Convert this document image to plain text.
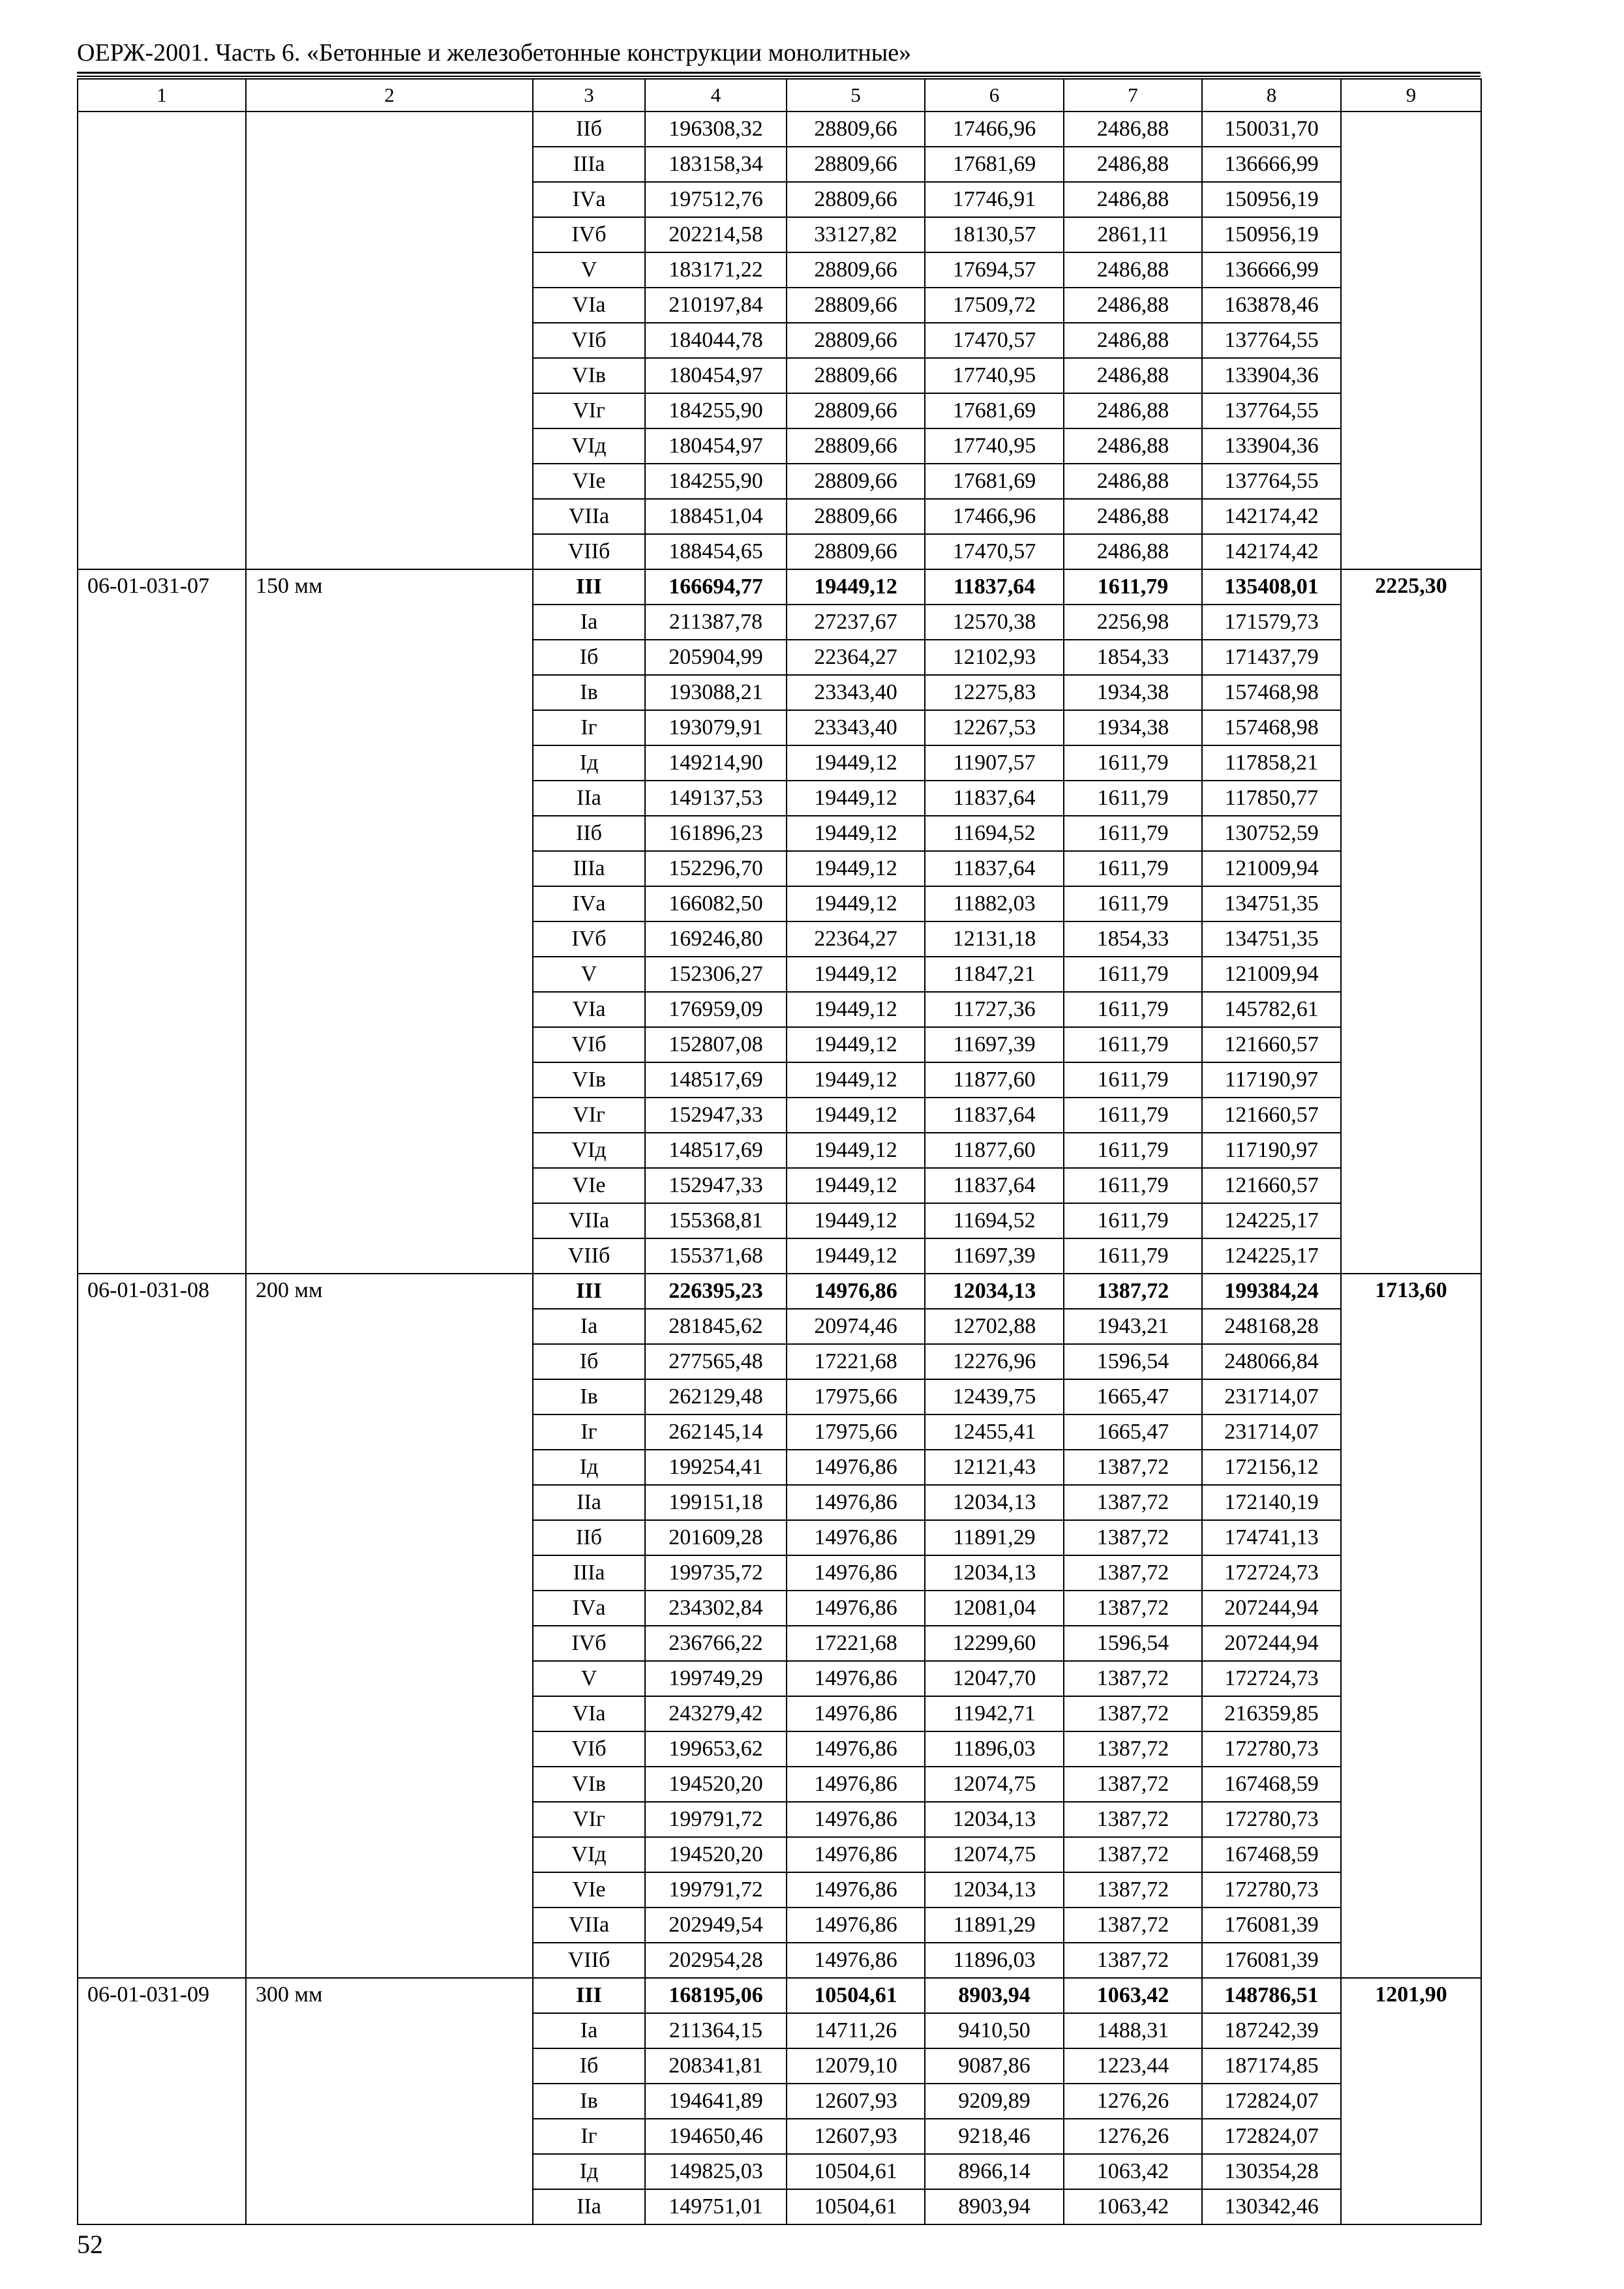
ОЕРЖ-2001. Часть 6. «Бетонные и железобетонные конструкции монолитные»
1	2	3	4	5	6	7	8	9
		IIб	196308,32	28809,66	17466,96	2486,88	150031,70	
		IIIа	183158,34	28809,66	17681,69	2486,88	136666,99	
		IVа	197512,76	28809,66	17746,91	2486,88	150956,19	
		IVб	202214,58	33127,82	18130,57	2861,11	150956,19	
		V	183171,22	28809,66	17694,57	2486,88	136666,99	
		VIа	210197,84	28809,66	17509,72	2486,88	163878,46	
		VIб	184044,78	28809,66	17470,57	2486,88	137764,55	
		VIв	180454,97	28809,66	17740,95	2486,88	133904,36	
		VIг	184255,90	28809,66	17681,69	2486,88	137764,55	
		VIд	180454,97	28809,66	17740,95	2486,88	133904,36	
		VIе	184255,90	28809,66	17681,69	2486,88	137764,55	
		VIIа	188451,04	28809,66	17466,96	2486,88	142174,42	
		VIIб	188454,65	28809,66	17470,57	2486,88	142174,42	
06-01-031-07	150 мм	III	166694,77	19449,12	11837,64	1611,79	135408,01	2225,30
		Iа	211387,78	27237,67	12570,38	2256,98	171579,73	
		Iб	205904,99	22364,27	12102,93	1854,33	171437,79	
		Iв	193088,21	23343,40	12275,83	1934,38	157468,98	
		Iг	193079,91	23343,40	12267,53	1934,38	157468,98	
		Iд	149214,90	19449,12	11907,57	1611,79	117858,21	
		IIа	149137,53	19449,12	11837,64	1611,79	117850,77	
		IIб	161896,23	19449,12	11694,52	1611,79	130752,59	
		IIIа	152296,70	19449,12	11837,64	1611,79	121009,94	
		IVа	166082,50	19449,12	11882,03	1611,79	134751,35	
		IVб	169246,80	22364,27	12131,18	1854,33	134751,35	
		V	152306,27	19449,12	11847,21	1611,79	121009,94	
		VIа	176959,09	19449,12	11727,36	1611,79	145782,61	
		VIб	152807,08	19449,12	11697,39	1611,79	121660,57	
		VIв	148517,69	19449,12	11877,60	1611,79	117190,97	
		VIг	152947,33	19449,12	11837,64	1611,79	121660,57	
		VIд	148517,69	19449,12	11877,60	1611,79	117190,97	
		VIе	152947,33	19449,12	11837,64	1611,79	121660,57	
		VIIа	155368,81	19449,12	11694,52	1611,79	124225,17	
		VIIб	155371,68	19449,12	11697,39	1611,79	124225,17	
06-01-031-08	200 мм	III	226395,23	14976,86	12034,13	1387,72	199384,24	1713,60
		Iа	281845,62	20974,46	12702,88	1943,21	248168,28	
		Iб	277565,48	17221,68	12276,96	1596,54	248066,84	
		Iв	262129,48	17975,66	12439,75	1665,47	231714,07	
		Iг	262145,14	17975,66	12455,41	1665,47	231714,07	
		Iд	199254,41	14976,86	12121,43	1387,72	172156,12	
		IIа	199151,18	14976,86	12034,13	1387,72	172140,19	
		IIб	201609,28	14976,86	11891,29	1387,72	174741,13	
		IIIа	199735,72	14976,86	12034,13	1387,72	172724,73	
		IVа	234302,84	14976,86	12081,04	1387,72	207244,94	
		IVб	236766,22	17221,68	12299,60	1596,54	207244,94	
		V	199749,29	14976,86	12047,70	1387,72	172724,73	
		VIа	243279,42	14976,86	11942,71	1387,72	216359,85	
		VIб	199653,62	14976,86	11896,03	1387,72	172780,73	
		VIв	194520,20	14976,86	12074,75	1387,72	167468,59	
		VIг	199791,72	14976,86	12034,13	1387,72	172780,73	
		VIд	194520,20	14976,86	12074,75	1387,72	167468,59	
		VIе	199791,72	14976,86	12034,13	1387,72	172780,73	
		VIIа	202949,54	14976,86	11891,29	1387,72	176081,39	
		VIIб	202954,28	14976,86	11896,03	1387,72	176081,39	
06-01-031-09	300 мм	III	168195,06	10504,61	8903,94	1063,42	148786,51	1201,90
		Iа	211364,15	14711,26	9410,50	1488,31	187242,39	
		Iб	208341,81	12079,10	9087,86	1223,44	187174,85	
		Iв	194641,89	12607,93	9209,89	1276,26	172824,07	
		Iг	194650,46	12607,93	9218,46	1276,26	172824,07	
		Iд	149825,03	10504,61	8966,14	1063,42	130354,28	
		IIа	149751,01	10504,61	8903,94	1063,42	130342,46	
52
